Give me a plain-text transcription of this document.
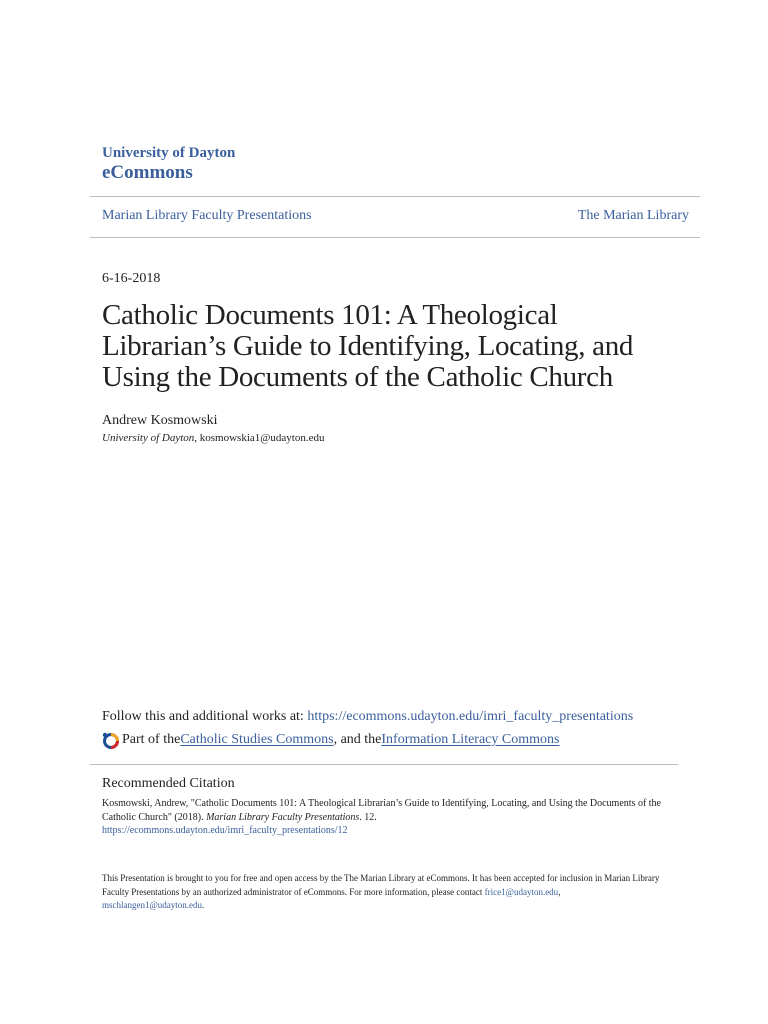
University of Dayton
eCommons
Marian Library Faculty Presentations	The Marian Library
6-16-2018
Catholic Documents 101: A Theological
Librarian’s Guide to Identifying, Locating, and
Using the Documents of the Catholic Church
Andrew Kosmowski
University of Dayton, kosmowskia1@udayton.edu
Follow this and additional works at: https://ecommons.udayton.edu/imri_faculty_presentations
Part of the Catholic Studies Commons , and the Information Literacy Commons
Recommended Citation
Kosmowski, Andrew, "Catholic Documents 101: A Theological Librarian’s Guide to Identifying, Locating, and Using the Documents of the Catholic Church" (2018). Marian Library Faculty Presentations. 12.
https://ecommons.udayton.edu/imri_faculty_presentations/12
This Presentation is brought to you for free and open access by the The Marian Library at eCommons. It has been accepted for inclusion in Marian Library Faculty Presentations by an authorized administrator of eCommons. For more information, please contact frice1@udayton.edu,
mschlangen1@udayton.edu.
